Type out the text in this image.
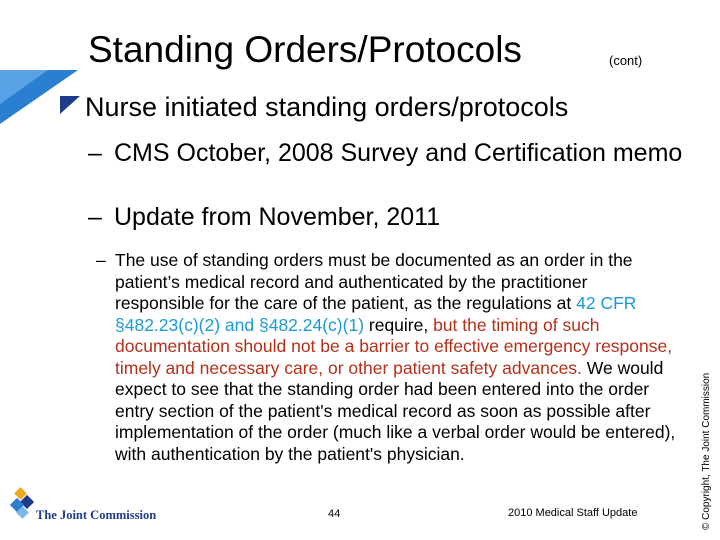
Standing Orders/Protocols	(cont)
Nurse initiated standing orders/protocols
– CMS October, 2008 Survey and Certification memo
– Update from November, 2011
– The use of standing orders must be documented as an order in the patient’s medical record and authenticated by the practitioner responsible for the care of the patient, as the regulations at 42 CFR §482.23(c)(2) and §482.24(c)(1) require, but the timing of such documentation should not be a barrier to effective emergency response, timely and necessary care, or other patient safety advances. We would expect to see that the standing order had been entered into the order entry section of the patient's medical record as soon as possible after implementation of the order (much like a verbal order would be entered), with authentication by the patient's physician.	© Copyright, The Joint Commission
The Joint Commission	44	2010 Medical Staff Update
